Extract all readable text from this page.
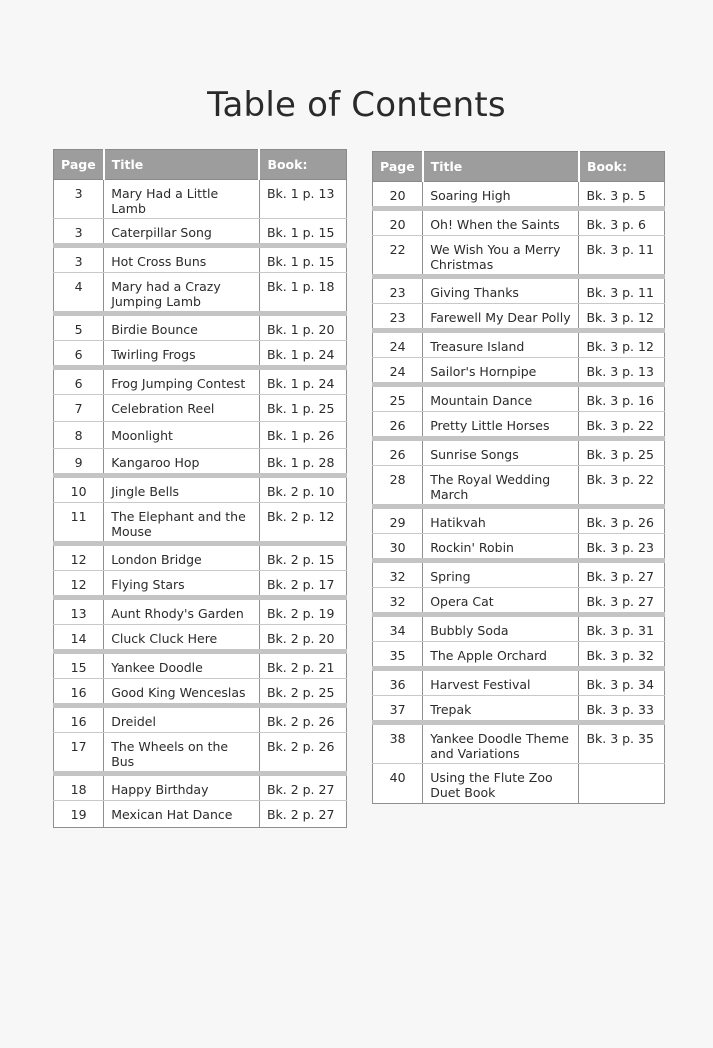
Table of Contents
Page	Title	Book:
3	Mary Had a Little Lamb	Bk. 1 p. 13
3	Caterpillar Song	Bk. 1 p. 15
3	Hot Cross Buns	Bk. 1 p. 15
4	Mary had a Crazy Jumping Lamb	Bk. 1 p. 18
5	Birdie Bounce	Bk. 1 p. 20
6	Twirling Frogs	Bk. 1 p. 24
6	Frog Jumping Contest	Bk. 1 p. 24
7	Celebration Reel	Bk. 1 p. 25
8	Moonlight	Bk. 1 p. 26
9	Kangaroo Hop	Bk. 1 p. 28
10	Jingle Bells	Bk. 2 p. 10
11	The Elephant and the Mouse	Bk. 2 p. 12
12	London Bridge	Bk. 2 p. 15
12	Flying Stars	Bk. 2 p. 17
13	Aunt Rhody's Garden	Bk. 2 p. 19
14	Cluck Cluck Here	Bk. 2 p. 20
15	Yankee Doodle	Bk. 2 p. 21
16	Good King Wenceslas	Bk. 2 p. 25
16	Dreidel	Bk. 2 p. 26
17	The Wheels on the Bus	Bk. 2 p. 26
18	Happy Birthday	Bk. 2 p. 27
19	Mexican Hat Dance	Bk. 2 p. 27
Page	Title	Book:
20	Soaring High	Bk. 3 p. 5
20	Oh! When the Saints	Bk. 3 p. 6
22	We Wish You a Merry Christmas	Bk. 3 p. 11
23	Giving Thanks	Bk. 3 p. 11
23	Farewell My Dear Polly	Bk. 3 p. 12
24	Treasure Island	Bk. 3 p. 12
24	Sailor's Hornpipe	Bk. 3 p. 13
25	Mountain Dance	Bk. 3 p. 16
26	Pretty Little Horses	Bk. 3 p. 22
26	Sunrise Songs	Bk. 3 p. 25
28	The Royal Wedding March	Bk. 3 p. 22
29	Hatikvah	Bk. 3 p. 26
30	Rockin' Robin	Bk. 3 p. 23
32	Spring	Bk. 3 p. 27
32	Opera Cat	Bk. 3 p. 27
34	Bubbly Soda	Bk. 3 p. 31
35	The Apple Orchard	Bk. 3 p. 32
36	Harvest Festival	Bk. 3 p. 34
37	Trepak	Bk. 3 p. 33
38	Yankee Doodle Theme and Variations	Bk. 3 p. 35
40	Using the Flute Zoo Duet Book	
